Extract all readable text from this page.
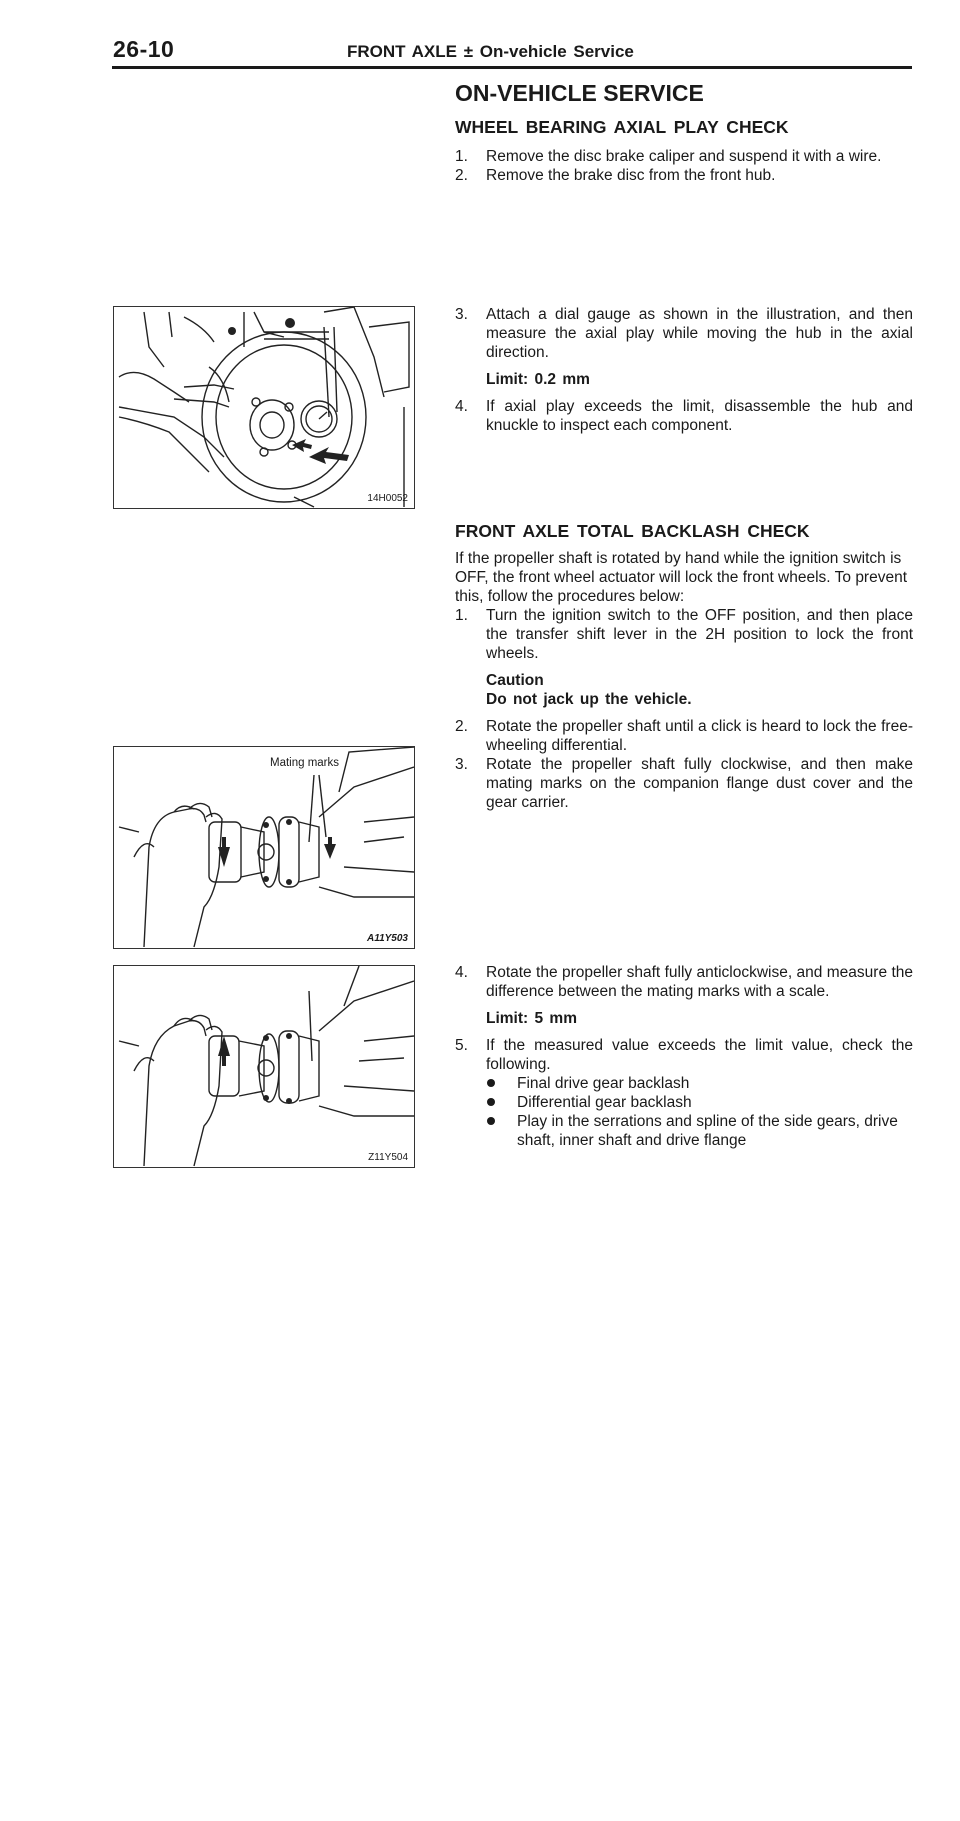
26-10	FRONT AXLE ± On-vehicle Service
ON-VEHICLE SERVICE
WHEEL BEARING AXIAL PLAY CHECK

1. Remove the disc brake caliper and suspend it with a wire.

2. Remove the brake disc from the front hub.

3. Attach a dial gauge as shown in the illustration, and then measure the axial play while moving the hub in the axial direction.

Limit: 0.2 mm

4. If axial play exceeds the limit, disassemble the hub and knuckle to inspect each component.

14H0052
FRONT AXLE TOTAL BACKLASH CHECK

If the propeller shaft is rotated by hand while the ignition switch is OFF, the front wheel actuator will lock the front wheels. To prevent this, follow the procedures below:

1. Turn the ignition switch to the OFF position, and then place the transfer shift lever in the 2H position to lock the front wheels.

Caution
Do not jack up the vehicle.

2. Rotate the propeller shaft until a click is heard to lock the free-wheeling differential.

3. Rotate the propeller shaft fully clockwise, and then make mating marks on the companion flange dust cover and the gear carrier.

Mating marks
A11Y503

4. Rotate the propeller shaft fully anticlockwise, and measure the difference between the mating marks with a scale.

Limit: 5 mm

5. If the measured value exceeds the limit value, check the following.

Final drive gear backlash
Differential gear backlash
Play in the serrations and spline of the side gears, drive shaft, inner shaft and drive flange
Z11Y504
